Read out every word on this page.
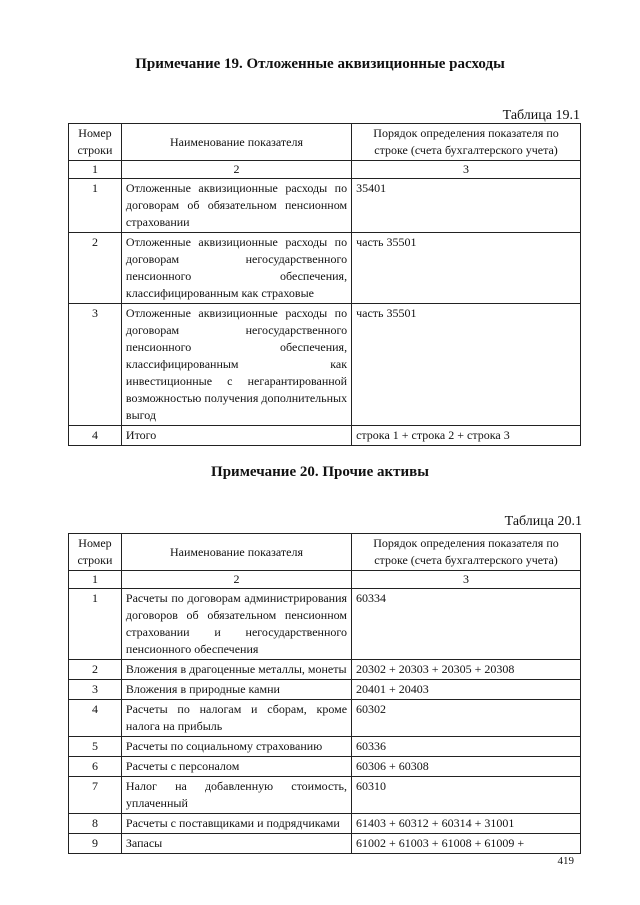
Примечание 19. Отложенные аквизиционные расходы
Таблица 19.1
Номер строки	Наименование показателя	Порядок определения показателя по строке (счета бухгалтерского учета)
1	2	3
1	Отложенные аквизиционные расходы по договорам об обязательном пенсионном страховании	35401
2	Отложенные аквизиционные расходы по договорам негосударственного пенсионного обеспечения, классифицированным как страховые	часть 35501
3	Отложенные аквизиционные расходы по договорам негосударственного пенсионного обеспечения, классифицированным как инвестиционные с негарантированной возможностью получения дополнительных выгод	часть 35501
4	Итого	строка 1 + строка 2 + строка 3
Примечание 20. Прочие активы
Таблица 20.1
Номер строки	Наименование показателя	Порядок определения показателя по строке (счета бухгалтерского учета)
1	2	3
1	Расчеты по договорам администрирования договоров об обязательном пенсионном страховании и негосударственного пенсионного обеспечения	60334
2	Вложения в драгоценные металлы, монеты	20302 + 20303 + 20305 + 20308
3	Вложения в природные камни	20401 + 20403
4	Расчеты по налогам и сборам, кроме налога на прибыль	60302
5	Расчеты по социальному страхованию	60336
6	Расчеты с персоналом	60306 + 60308
7	Налог на добавленную стоимость, уплаченный	60310
8	Расчеты с поставщиками и подрядчиками	61403 + 60312 + 60314 + 31001
9	Запасы	61002 + 61003 + 61008 + 61009 +
419
